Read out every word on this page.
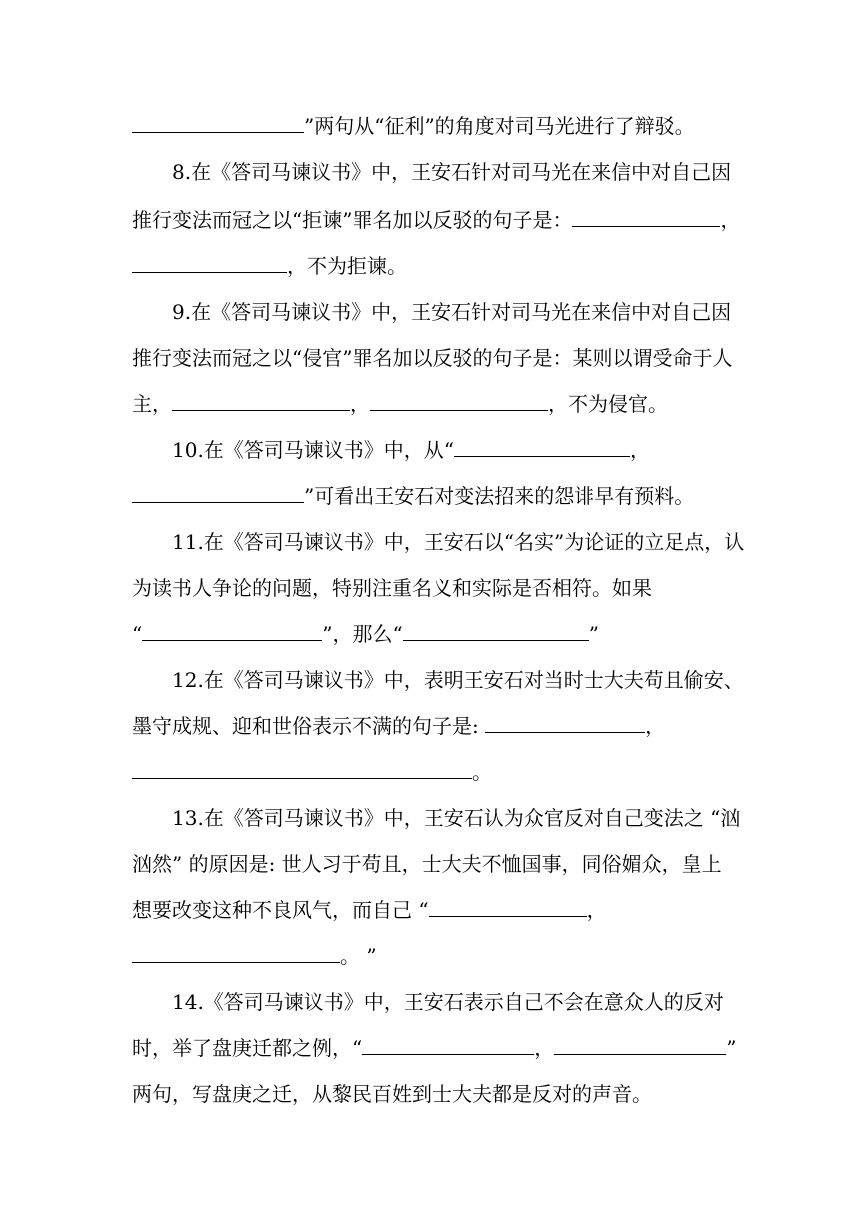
”两句从“征利”的角度对司马光进行了辩驳。
8.在《答司马谏议书》中，王安石针对司马光在来信中对自己因
推行变法而冠之以“拒谏”罪名加以反驳的句子是：	，
，不为拒谏。
9.在《答司马谏议书》中，王安石针对司马光在来信中对自己因
推行变法而冠之以“侵官”罪名加以反驳的句子是：某则以谓受命于人
主，	，	，不为侵官。
10.在《答司马谏议书》中，从“	，
”可看出王安石对变法招来的怨诽早有预料。
11.在《答司马谏议书》中，王安石以“名实”为论证的立足点，认
为读书人争论的问题，特别注重名义和实际是否相符。如果
“	”，那么“	”
12.在《答司马谏议书》中，表明王安石对当时士大夫苟且偷安、
墨守成规、迎和世俗表示不满的句子是:	，
。
13.在《答司马谏议书》中，王安石认为众官反对自己变法之 “汹
汹然” 的原因是: 世人习于苟且，士大夫不恤国事，同俗媚众，皇上
想要改变这种不良风气，而自己 “	，
。 ”
14.《答司马谏议书》中，王安石表示自己不会在意众人的反对
时，举了盘庚迁都之例，“	，	”
两句，写盘庚之迁，从黎民百姓到士大夫都是反对的声音。
